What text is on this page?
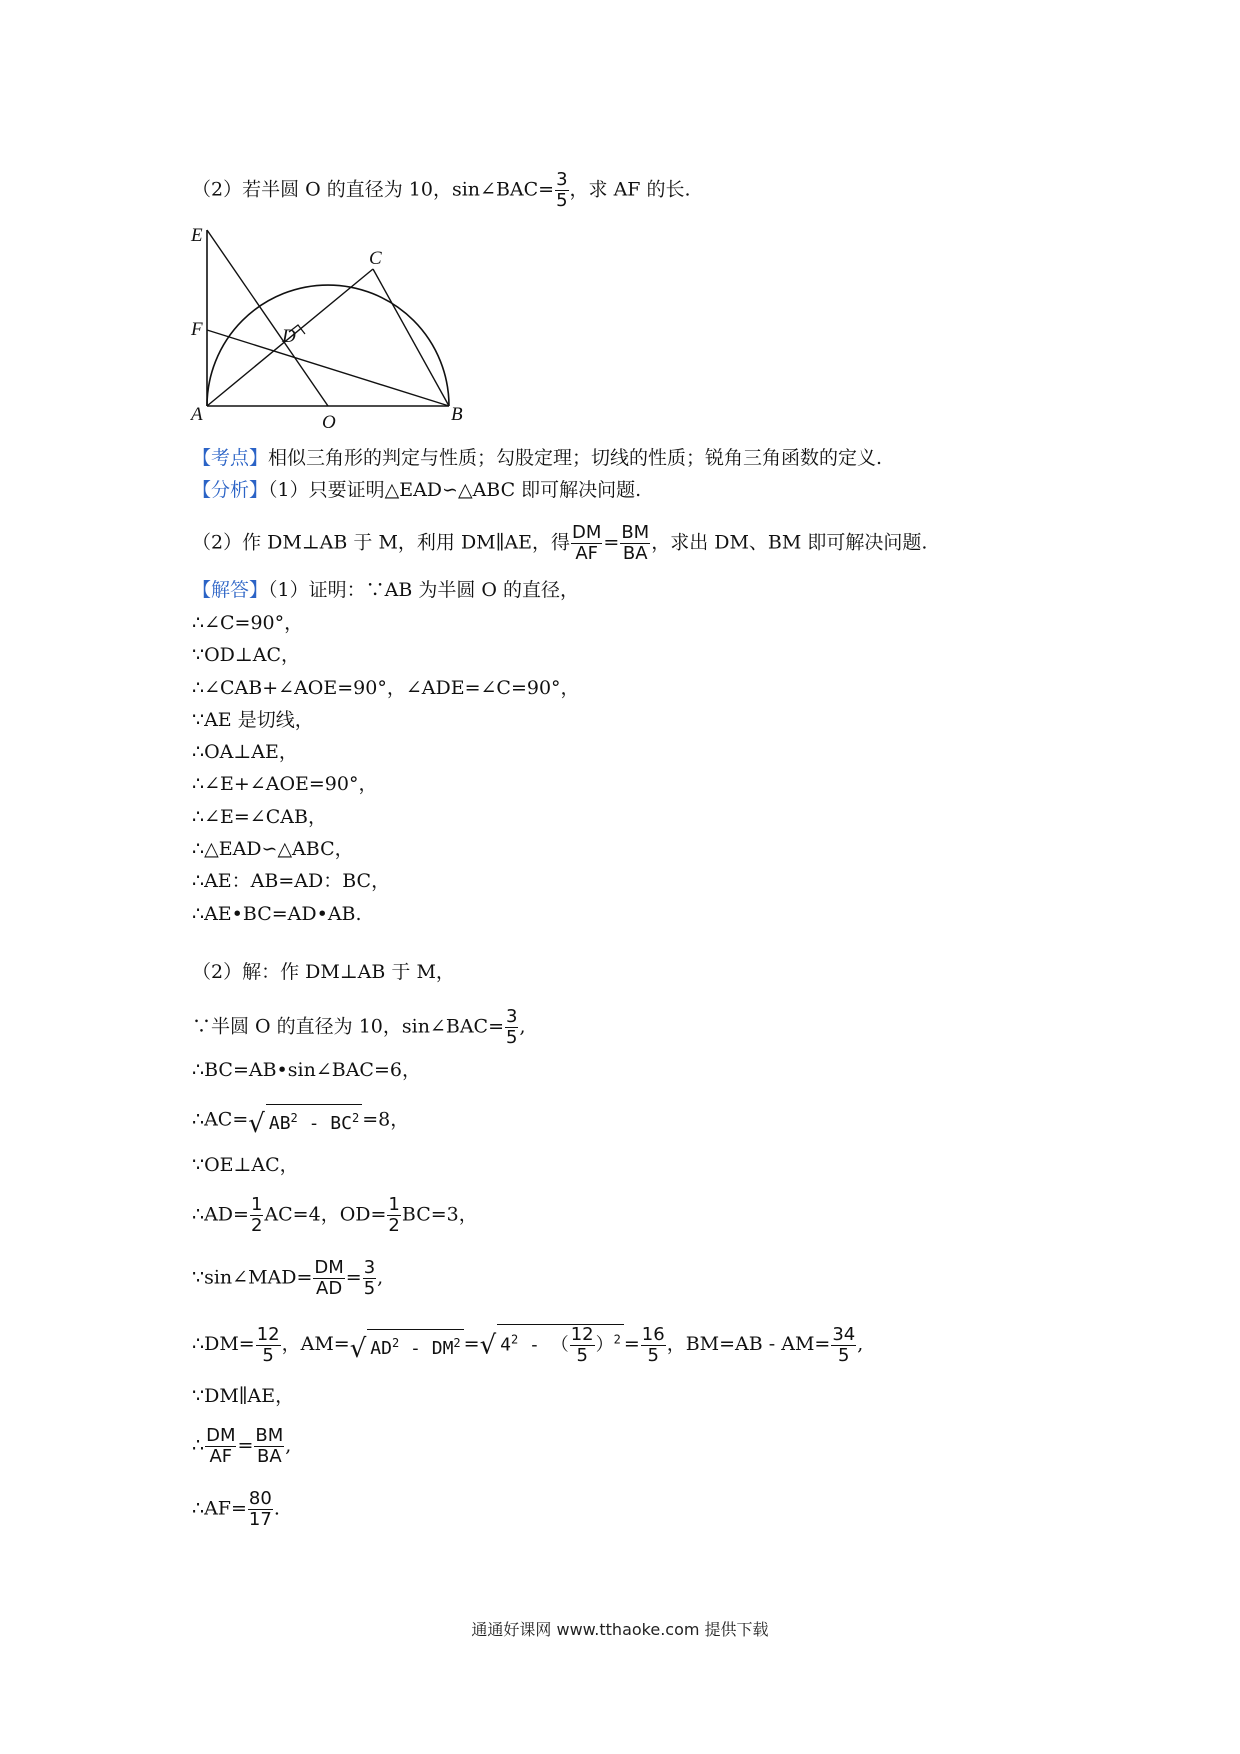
（2）若半圆 O 的直径为 10，sin∠BAC= $\frac{3}{5}$ ，求 AF 的长.
E
F
A	O
D
C
B
【考点】相似三角形的判定与性质；勾股定理；切线的性质；锐角三角函数的定义.
【分析】（1）只要证明△EAD∽△ABC 即可解决问题.
（2）作 DM⊥AB 于 M，利用 DM∥AE，得 $\frac{DM}{AF} = \frac{BM}{BA}$ ，求出 DM、BM 即可解决问题.
【解答】（1）证明：∵AB 为半圆 O 的直径，
∴∠C=90°，
∵OD⊥AC，
∴∠CAB+∠AOE=90°，∠ADE=∠C=90°，
∵AE 是切线，
∴OA⊥AE，
∴∠E+∠AOE=90°，
∴∠E=∠CAB，
∴△EAD∽△ABC，
∴AE：AB=AD：BC，
∴AE•BC=AD•AB.
（2）解：作 DM⊥AB 于 M，
∵半圆 O 的直径为 10，sin∠BAC= $\frac{3}{5}$ ,
∴BC=AB•sin∠BAC=6，
∴AC=√ $AB^2 - BC^2 =8$，
∵OE⊥AC，
∴AD= $\frac{1}{2} AC=4$，$OD= \frac{1}{2} BC=3$，
∵sin∠MAD= $\frac{DM}{AD} = \frac{3}{5}$ ,
∴DM= $\frac{12}{5}$ ，AM=√ $AD^2 - DM^2$ =√ $4^2$ - （ $\frac{12}{5} )^2 = \frac{16}{5}$ ，$BM=AB - AM= \frac{34}{5}$ ,
∵DM∥AE，
∴ $\frac{DM}{AF} = \frac{BM}{BA}$ ,
∴AF= $\frac{80}{17}$ .
通通好课网 www.tthaoke.com 提供下载
